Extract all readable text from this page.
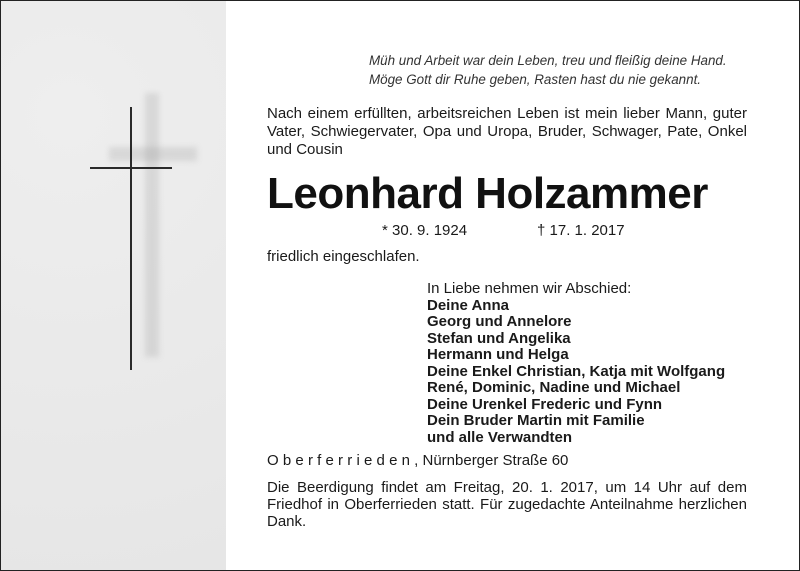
Müh und Arbeit war dein Leben, treu und fleißig deine Hand.
Möge Gott dir Ruhe geben, Rasten hast du nie gekannt.
Nach einem erfüllten, arbeitsreichen Leben ist mein lieber Mann, guter Vater, Schwiegervater, Opa und Uropa, Bruder, Schwager, Pate, Onkel und Cousin
Leonhard Holzammer
* 30. 9. 1924	† 17. 1. 2017
friedlich eingeschlafen.
In Liebe nehmen wir Abschied:
Deine Anna
Georg und Annelore
Stefan und Angelika
Hermann und Helga
Deine Enkel Christian, Katja mit Wolfgang
René, Dominic, Nadine und Michael
Deine Urenkel Frederic und Fynn
Dein Bruder Martin mit Familie
und alle Verwandten
Oberferrieden, Nürnberger Straße 60
Die Beerdigung findet am Freitag, 20. 1. 2017, um 14 Uhr auf dem Friedhof in Oberferrieden statt. Für zugedachte Anteilnahme herzlichen Dank.
